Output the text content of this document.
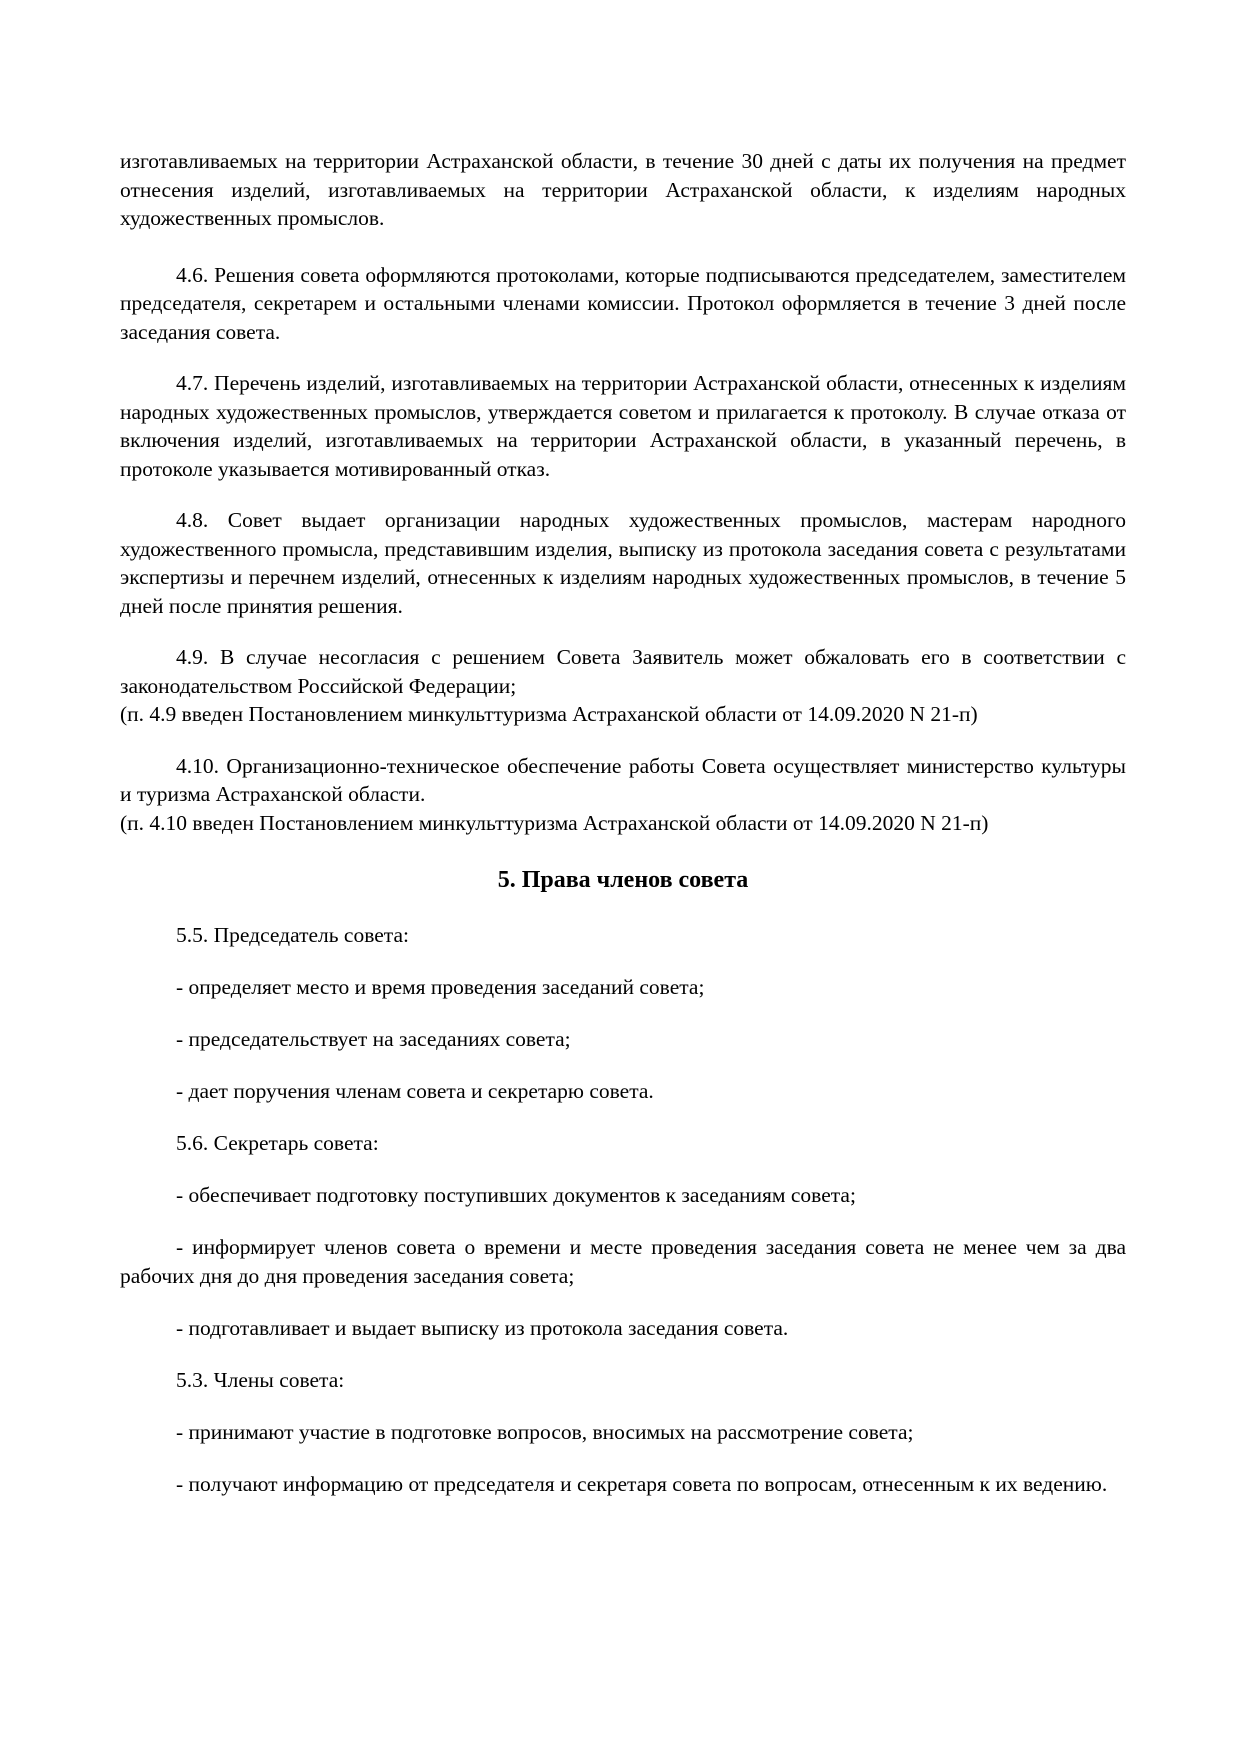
изготавливаемых на территории Астраханской области, в течение 30 дней с даты их получения на предмет отнесения изделий, изготавливаемых на территории Астраханской области, к изделиям народных художественных промыслов.

4.6. Решения совета оформляются протоколами, которые подписываются председателем, заместителем председателя, секретарем и остальными членами комиссии. Протокол оформляется в течение 3 дней после заседания совета.

4.7. Перечень изделий, изготавливаемых на территории Астраханской области, отнесенных к изделиям народных художественных промыслов, утверждается советом и прилагается к протоколу. В случае отказа от включения изделий, изготавливаемых на территории Астраханской области, в указанный перечень, в протоколе указывается мотивированный отказ.

4.8. Совет выдает организации народных художественных промыслов, мастерам народного художественного промысла, представившим изделия, выписку из протокола заседания совета с результатами экспертизы и перечнем изделий, отнесенных к изделиям народных художественных промыслов, в течение 5 дней после принятия решения.

4.9. В случае несогласия с решением Совета Заявитель может обжаловать его в соответствии с законодательством Российской Федерации;
(п. 4.9 введен Постановлением минкульттуризма Астраханской области от 14.09.2020 N 21-п)
4.10. Организационно-техническое обеспечение работы Совета осуществляет министерство культуры и туризма Астраханской области.
(п. 4.10 введен Постановлением минкульттуризма Астраханской области от 14.09.2020 N 21-п)
5. Права членов совета

5.5. Председатель совета:

- определяет место и время проведения заседаний совета;

- председательствует на заседаниях совета;

- дает поручения членам совета и секретарю совета.

5.6. Секретарь совета:

- обеспечивает подготовку поступивших документов к заседаниям совета;

- информирует членов совета о времени и месте проведения заседания совета не менее чем за два рабочих дня до дня проведения заседания совета;

- подготавливает и выдает выписку из протокола заседания совета.

5.3. Члены совета:

- принимают участие в подготовке вопросов, вносимых на рассмотрение совета;

- получают информацию от председателя и секретаря совета по вопросам, отнесенным к их ведению.
